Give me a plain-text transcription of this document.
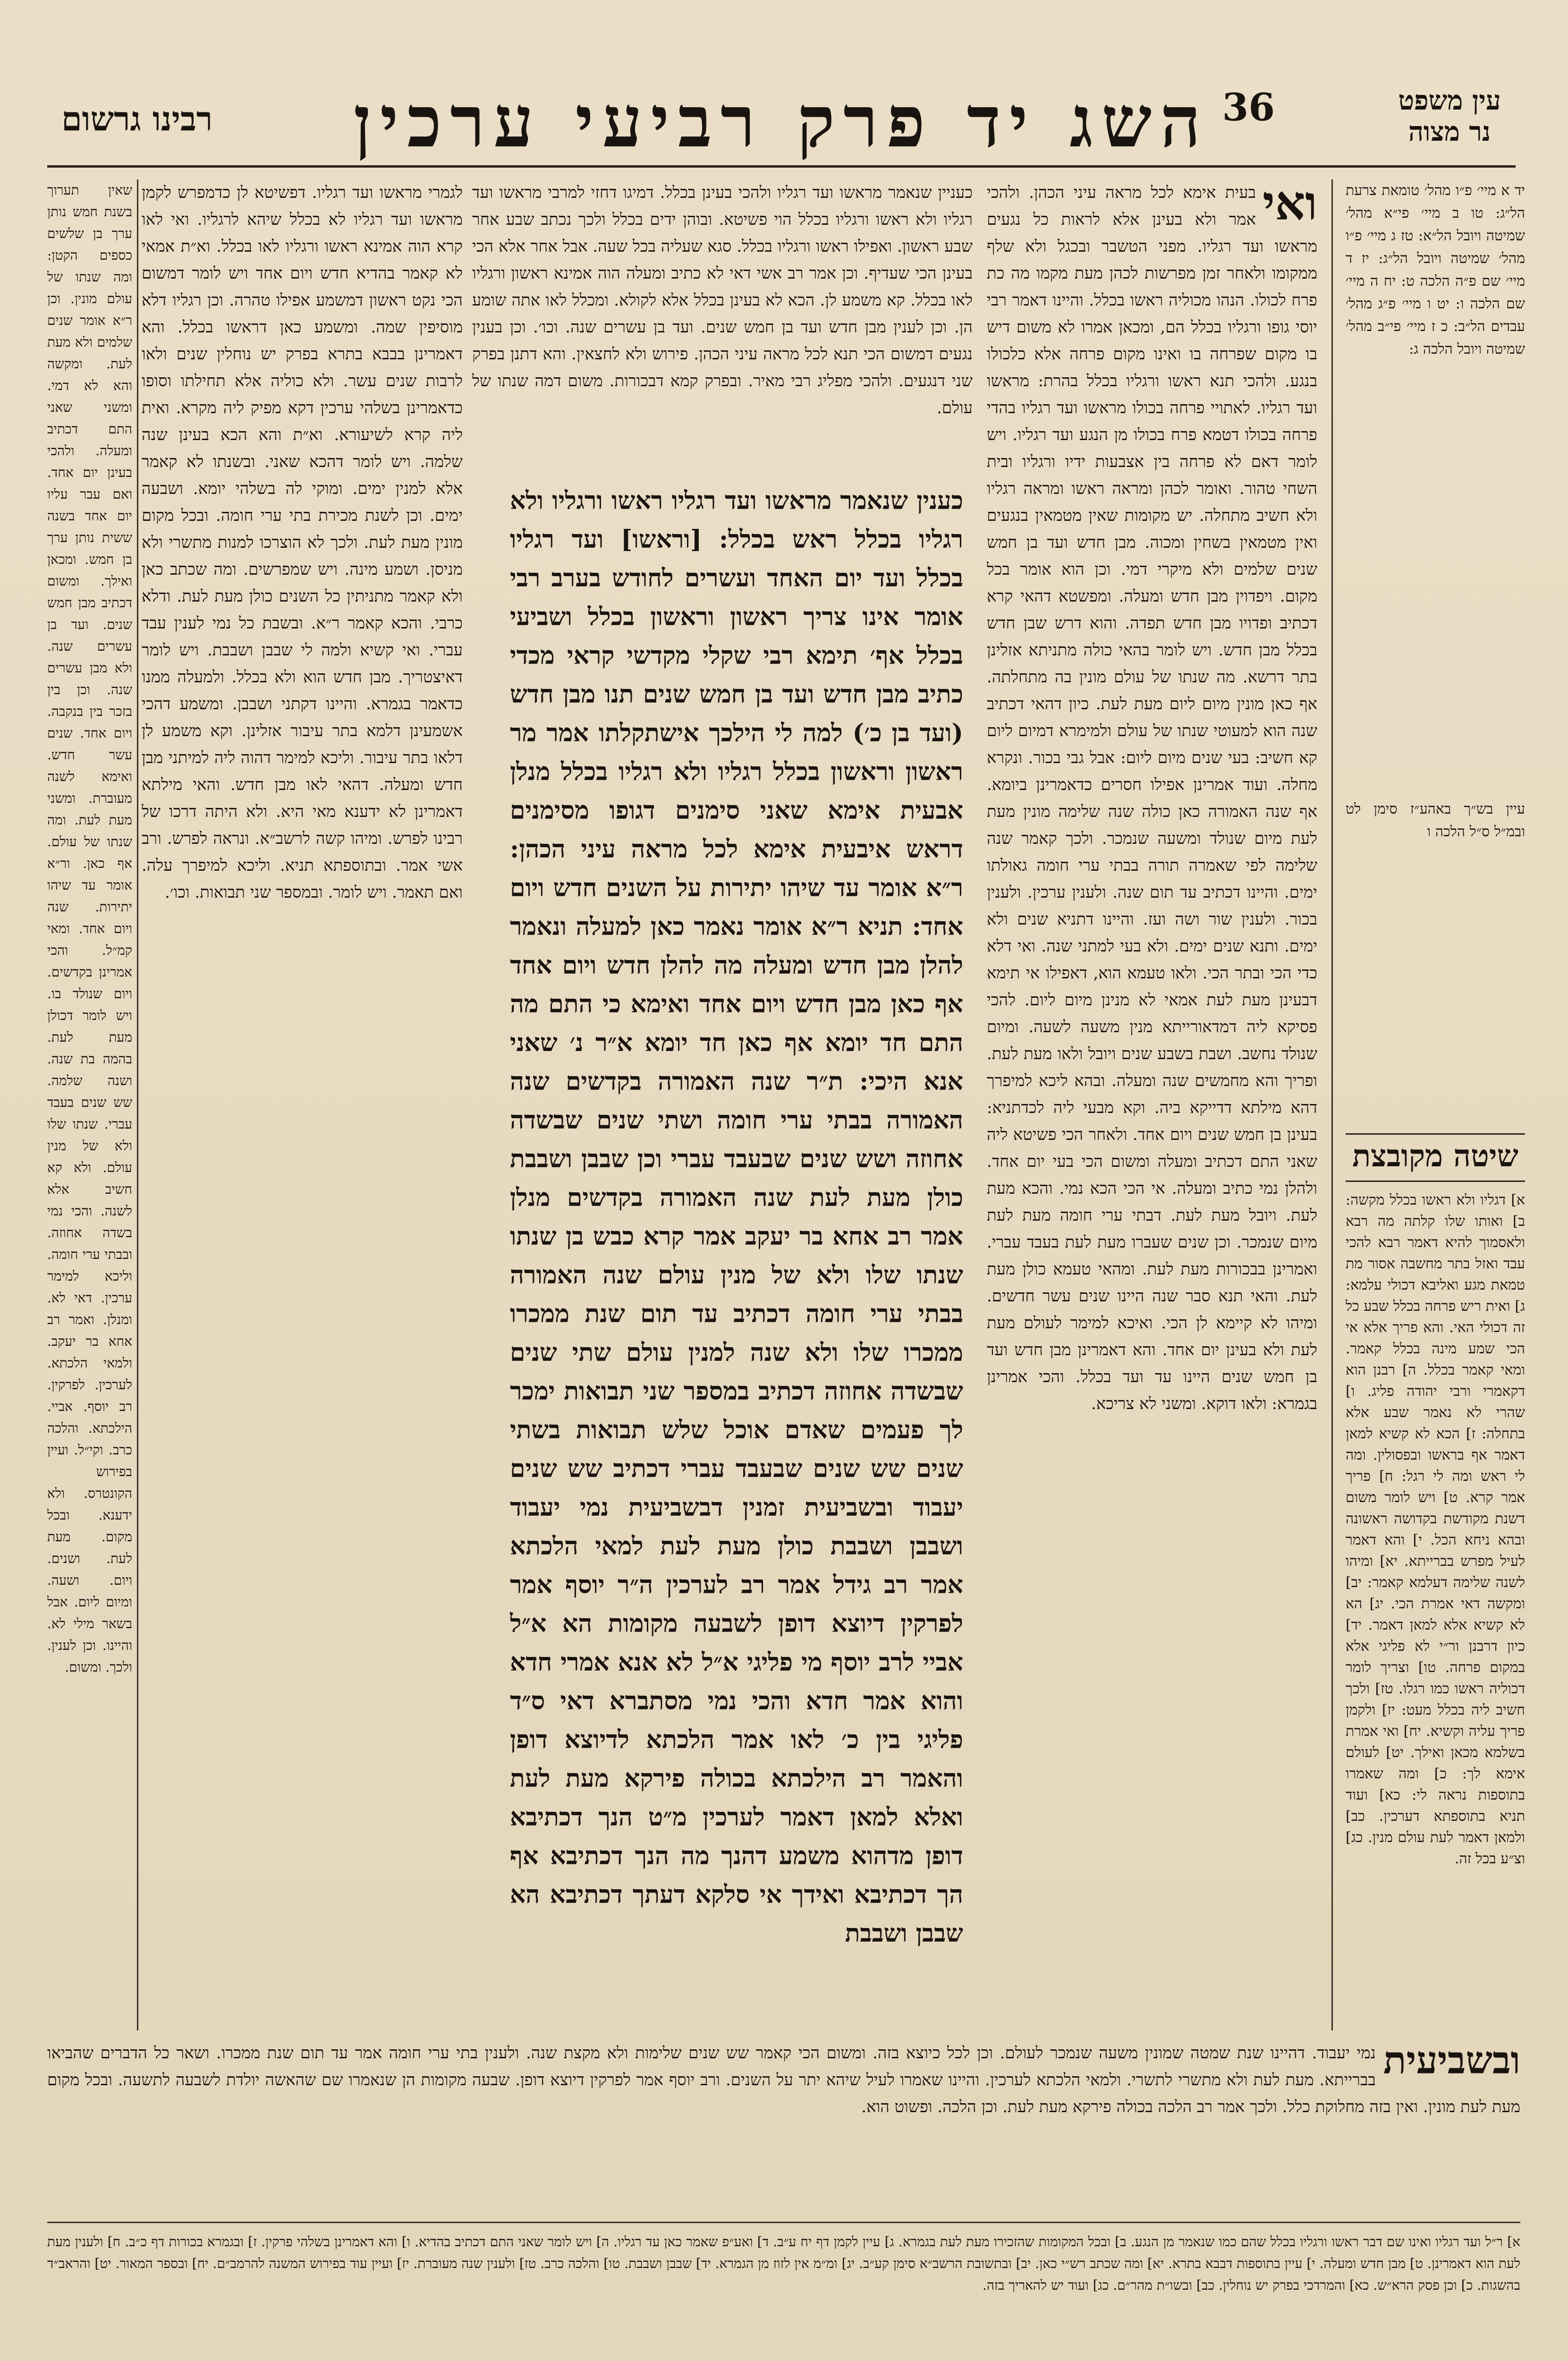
עין משפט נר מצוה
36
השג יד פרק רביעי ערכין
רבינו גרשום
יד א מיי׳ פ״ו מהל׳ טומאת צרעת הל״ג: טו ב מיי׳ פי״א מהל׳ שמיטה ויובל הל״א: טז ג מיי׳ פ״ו מהל׳ שמיטה ויובל הל״ג: יז ד מיי׳ שם פ״ה הלכה ט: יח ה מיי׳ שם הלכה ו: יט ו מיי׳ פ״ג מהל׳ עבדים הל״ב: כ ז מיי׳ פי״ב מהל׳ שמיטה ויובל הלכה ג:
עיין בש״ך באהע״ז סימן לט ובמ״ל ס״ל הלכה ו
שיטה מקובצת
א] דגליו ולא ראשו בכלל מקשה: ב] ואותו שלו קלתה מה רבא ולאסמוך להיא דאמר רבא להכי עבד ואזל בתר מחשבה אסור מת טמאת מגע ואליבא דכולי עלמא: ג] ואית ריש פרחה בכלל שבע כל זה דכולי האי. והא פריך אלא אי הכי שמע מינה בכלל קאמר. ומאי קאמר בכלל. ה] רבנן הוא דקאמרי ורבי יהודה פליג. ו] שהרי לא נאמר שבע אלא בתחלה: ז] הכא לא קשיא למאן דאמר אף בראשו ובפסולין. ומה לי ראש ומה לי רגל: ח] פריך אמר קרא. ט] ויש לומר משום דשנת מקודשת בקדושה ראשונה ובהא ניחא הכל. י] והא דאמר לעיל מפרש בברייתא. יא] ומיהו לשנה שלימה דעלמא קאמר: יב] ומקשה דאי אמרת הכי. יג] הא לא קשיא אלא למאן דאמר. יד] כיון דרבנן ור״י לא פליגי אלא במקום פרחה. טו] וצריך לומר דכוליה ראשו כמו רגלו. טז] ולכך חשיב ליה בכלל מעט: יז] ולקמן פריך עליה וקשיא. יח] ואי אמרת בשלמא מכאן ואילך. יט] לעולם אימא לך: כ] ומה שאמרו בתוספות נראה לי: כא] ועוד תניא בתוספתא דערכין. כב] ולמאן דאמר לעת עולם מנין. כג] וצ״ע בכל זה.
ואי
בעית אימא לכל מראה עיני הכהן. ולהכי אמר ולא בעינן אלא לראות כל נגעים מראשו ועד רגליו. מפני הטשבר ובכגל ולא שלף ממקומו ולאחר זמן מפרשות לכהן מעת מקמו מה כת פרח לכולו. הנהו מכוליה ראשו בכלל. והיינו דאמר רבי יוסי גופו ורגליו בכלל הם, ומכאן אמרו לא משום דיש בו מקום שפרחה בו ואינו מקום פרחה אלא כלכולו בנגע. ולהכי תנא ראשו ורגליו בכלל בהרת: מראשו ועד רגליו. לאתויי פרחה בכולו מראשו ועד רגליו בהדי פרחה בכולו דטמא פרח בכולו מן הנגע ועד רגליו. ויש לומר דאם לא פרחה בין אצבעות ידיו ורגליו ובית השחי טהור. ואומר לכהן ומראה ראשו ומראה רגליו ולא חשיב מתחלה. יש מקומות שאין מטמאין בנגעים ואין מטמאין בשחין ומכוה. מבן חדש ועד בן חמש שנים שלמים ולא מיקרי דמי. וכן הוא אומר בכל מקום. ויפדוין מבן חדש ומעלה. ומפשטא דהאי קרא דכתיב ופדויו מבן חדש תפדה. והוא דרש שבן חדש בכלל מבן חדש. ויש לומר בהאי כולה מתניתא אזלינן בתר דרשא. מה שנתו של עולם מונין בה מתחלתה. אף כאן מונין מיום ליום מעת לעת. כיון דהאי דכתיב שנה הוא למעוטי שנתו של עולם ולמימרא דמיום ליום קא חשיב: בעי שנים מיום ליום: אבל גבי בכור. ונקרא מחלה. ועוד אמרינן אפילו חסרים כדאמרינן ביומא. אף שנה האמורה כאן כולה שנה שלימה מונין מעת לעת מיום שנולד ומשעה שנמכר. ולכך קאמר שנה שלימה לפי שאמרה תורה בבתי ערי חומה גאולתו ימים. והיינו דכתיב עד תום שנה. ולענין ערכין. ולענין בכור. ולענין שור ושה ועז. והיינו דתניא שנים ולא ימים. ותנא שנים ימים. ולא בעי למתני שנה. ואי דלא כדי הכי ובתר הכי. ולאו טעמא הוא, דאפילו אי תימא דבעינן מעת לעת אמאי לא מנינן מיום ליום. להכי פסיקא ליה דמדאורייתא מנין משעה לשעה. ומיום שנולד נחשב. ושבת בשבע שנים ויובל ולאו מעת לעת. ופריך והא מחמשים שנה ומעלה. ובהא ליכא למיפרך דהא מילתא דדייקא ביה. וקא מבעי ליה לכדתניא: בעינן בן חמש שנים ויום אחד. ולאחר הכי פשיטא ליה שאני התם דכתיב ומעלה ומשום הכי בעי יום אחד. ולהלן נמי כתיב ומעלה. אי הכי הכא נמי. והכא מעת לעת. ויובל מעת לעת. דבתי ערי חומה מעת לעת מיום שנמכר. וכן שנים שעברו מעת לעת בעבד עברי. ואמרינן בבכורות מעת לעת. ומהאי טעמא כולן מעת לעת. והאי תנא סבר שנה היינו שנים עשר חדשים. ומיהו לא קיימא לן הכי. ואיכא למימר לעולם מעת לעת ולא בעינן יום אחד. והא דאמרינן מבן חדש ועד בן חמש שנים היינו עד ועד בכלל. והכי אמרינן בגמרא: ולאו דוקא. ומשני לא צריכא.
כעניין שנאמר מראשו ועד רגליו ולהכי בעינן בכלל. דמיגו דחזי למרבי מראשו ועד רגליו ולא ראשו ורגליו בכלל הוי פשיטא. ובוהן ידים בכלל ולכך נכתב שבע אחר שבע ראשון. ואפילו ראשו ורגליו בכלל. סגא שעליה בכל שעה. אבל אחר אלא הכי בעינן הכי שעדיף. וכן אמר רב אשי דאי לא כתיב ומעלה הוה אמינא ראשון ורגליו לאו בכלל. קא משמע לן. הכא לא בעינן בכלל אלא לקולא. ומכלל לאו אתה שומע הן. וכן לענין מבן חדש ועד בן חמש שנים. ועד בן עשרים שנה. וכו׳. וכן בענין נגעים דמשום הכי תנא לכל מראה עיני הכהן. פירוש ולא לחצאין. והא דתנן בפרק שני דנגעים. ולהכי מפליג רבי מאיר. ובפרק קמא דבכורות. משום דמה שנתו של עולם.
כענין שנאמר מראשו ועד רגליו ראשו ורגליו ולא רגליו בכלל ראש בכלל: [וראשו] ועד רגליו בכלל ועד יום האחד ועשרים לחודש בערב רבי אומר אינו צריך ראשון וראשון בכלל ושביעי בכלל אף׳ תימא רבי שקלי מקדשי קראי מכדי כתיב מבן חדש ועד בן חמש שנים תנו מבן חדש (ועד בן כ׳) למה לי הילכך אישתקלתו אמר מר ראשון וראשון בכלל רגליו ולא רגליו בכלל מנלן אבעית אימא שאני סימנים דגופו מסימנים דראש איבעית אימא לכל מראה עיני הכהן: ר״א אומר עד שיהו יתירות על השנים חדש ויום אחד: תניא ר״א אומר נאמר כאן למעלה ונאמר להלן מבן חדש ומעלה מה להלן חדש ויום אחד אף כאן מבן חדש ויום אחד ואימא כי התם מה התם חד יומא אף כאן חד יומא א״ר נ׳ שאני אנא היכי: ת״ר שנה האמורה בקדשים שנה האמורה בבתי ערי חומה ושתי שנים שבשדה אחוזה ושש שנים שבעבד עברי וכן שבבן ושבבת כולן מעת לעת שנה האמורה בקדשים מנלן אמר רב אחא בר יעקב אמר קרא כבש בן שנתו שנתו שלו ולא של מנין עולם שנה האמורה בבתי ערי חומה דכתיב עד תום שנת ממכרו ממכרו שלו ולא שנה למנין עולם שתי שנים שבשדה אחוזה דכתיב במספר שני תבואות ימכר לך פעמים שאדם אוכל שלש תבואות בשתי שנים שש שנים שבעבד עברי דכתיב שש שנים יעבוד ובשביעית זמנין דבשביעית נמי יעבוד ושבבן ושבבת כולן מעת לעת למאי הלכתא אמר רב גידל אמר רב לערכין ה״ר יוסף אמר לפרקין דיוצא דופן לשבעה מקומות הא א״ל אביי לרב יוסף מי פליגי א״ל לא אנא אמרי חדא והוא אמר חדא והכי נמי מסתברא דאי ס״ד פליגי בין כ׳ לאו אמר הלכתא לדיוצא דופן והאמר רב הילכתא בכולה פירקא מעת לעת ואלא למאן דאמר לערכין מ״ט הנך דכתיבא דופן מדהוא משמע דהנך מה הנך דכתיבא אף הך דכתיבא ואידך אי סלקא דעתך דכתיבא הא שבבן ושבבת
לגמרי מראשו ועד רגליו. דפשיטא לן כדמפרש לקמן מראשו ועד רגליו לא בכלל שיהא לרגליו. ואי לאו קרא הוה אמינא ראשו ורגליו לאו בכלל. וא״ת אמאי לא קאמר בהדיא חדש ויום אחד ויש לומר דמשום הכי נקט ראשון דמשמע אפילו טהרה. וכן רגליו דלא מוסיפין שמה. ומשמע כאן דראשו בכלל. והא דאמרינן בבבא בתרא בפרק יש נוחלין שנים ולאו לרבות שנים עשר. ולא כוליה אלא תחילתו וסופו כדאמרינן בשלהי ערכין דקא מפיק ליה מקרא. ואית ליה קרא לשיעורא. וא״ת והא הכא בעינן שנה שלמה. ויש לומר דהכא שאני. ובשנתו לא קאמר אלא למנין ימים. ומוקי לה בשלהי יומא. ושבעה ימים. וכן לשנת מכירת בתי ערי חומה. ובכל מקום מונין מעת לעת. ולכך לא הוצרכו למנות מתשרי ולא מניסן. ושמע מינה. ויש שמפרשים. ומה שכתב כאן ולא קאמר מתניתין כל השנים כולן מעת לעת. ודלא כרבי. והכא קאמר ר״א. ובשבת כל נמי לענין עבד עברי. ואי קשיא ולמה לי שבבן ושבבת. ויש לומר דאיצטריך. מבן חדש הוא ולא בכלל. ולמעלה ממנו כדאמר בגמרא. והיינו דקתני ושבבן. ומשמע דהכי אשמעינן דלמא בתר עיבור אזלינן. וקא משמע לן דלאו בתר עיבור. וליכא למימר דהוה ליה למיתני מבן חדש ומעלה. דהאי לאו מבן חדש. והאי מילתא דאמרינן לא ידענא מאי היא. ולא היתה דרכו של רבינו לפרש. ומיהו קשה לרשב״א. ונראה לפרש. ורב אשי אמר. ובתוספתא תניא. וליכא למיפרך עלה. ואם תאמר. ויש לומר. ובמספר שני תבואות. וכו׳.
שאין תערוך בשנת חמש נותן ערך בן שלשים כספים הקטן: ומה שנתו של עולם מונין. וכן ר״א אומר שנים שלמים ולא מעת לעת. ומקשה והא לא דמי. ומשני שאני התם דכתיב ומעלה. ולהכי בעינן יום אחד. ואם עבר עליו יום אחד בשנה ששית נותן ערך בן חמש. ומכאן ואילך. ומשום דכתיב מבן חמש שנים. ועד בן עשרים שנה. ולא מבן עשרים שנה. וכן בין בזכר בין בנקבה. ויום אחד. שנים עשר חדש. ואימא לשנה מעוברת. ומשני מעת לעת. ומה שנתו של עולם. אף כאן. ור״א אומר עד שיהו יתירות. שנה ויום אחד. ומאי קמ״ל. והכי אמרינן בקדשים. ויום שנולד בו. ויש לומר דכולן מעת לעת. בהמה בת שנה. ושנה שלמה. שש שנים בעבד עברי. שנתו שלו ולא של מנין עולם. ולא קא חשיב אלא לשנה. והכי נמי בשדה אחוזה. ובבתי ערי חומה. וליכא למימר ערכין. דאי לא. ומנלן. ואמר רב אחא בר יעקב. ולמאי הלכתא. לערכין. לפרקין. רב יוסף. אביי. הילכתא. והלכה כרב. וקי״ל. ועיין בפירוש הקונטרס. ולא ידענא. ובכל מקום. מעת לעת. ושנים. ויום. ושעה. ומיום ליום. אבל בשאר מילי לא. והיינו. וכן לענין. ולכך. ומשום.
ובשביעית
נמי יעבוד. דהיינו שנת שמטה שמונין משעה שנמכר לעולם. וכן לכל כיוצא בזה. ומשום הכי קאמר שש שנים שלימות ולא מקצת שנה. ולענין בתי ערי חומה אמר עד תום שנת ממכרו. ושאר כל הדברים שהביאו בברייתא. מעת לעת ולא מתשרי לתשרי. ולמאי הלכתא לערכין. והיינו שאמרו לעיל שיהא יתר על השנים. ורב יוסף אמר לפרקין דיוצא דופן. שבעה מקומות הן שנאמרו שם שהאשה יולדת לשבעה לתשעה. ובכל מקום מעת לעת מונין. ואין בזה מחלוקת כלל. ולכך אמר רב הלכה בכולה פירקא מעת לעת. וכן הלכה. ופשוט הוא.
א] ר״ל ועד רגליו ואינו שם דבר ראשו ורגליו בכלל שהם כמו שנאמר מן הנגע. ב] ובכל המקומות שהזכירו מעת לעת בגמרא. ג] עיין לקמן דף יח ע״ב. ד] ואע״פ שאמר כאן עד רגליו. ה] ויש לומר שאני התם דכתיב בהדיא. ו] והא דאמרינן בשלהי פרקין. ז] ובגמרא בכורות דף כ״ב. ח] ולענין מעת לעת הוא דאמרינן. ט] מבן חדש ומעלה. י] עיין בתוספות דבבא בתרא. יא] ומה שכתב רש״י כאן. יב] ובתשובת הרשב״א סימן קע״ב. יג] ומ״מ אין לזוז מן הגמרא. יד] שבבן ושבבת. טו] והלכה כרב. טז] ולענין שנה מעוברת. יז] ועיין עוד בפירוש המשנה להרמב״ם. יח] ובספר המאור. יט] והראב״ד בהשגות. כ] וכן פסק הרא״ש. כא] והמרדכי בפרק יש נוחלין. כב] ובשו״ת מהר״ם. כג] ועוד יש להאריך בזה.
